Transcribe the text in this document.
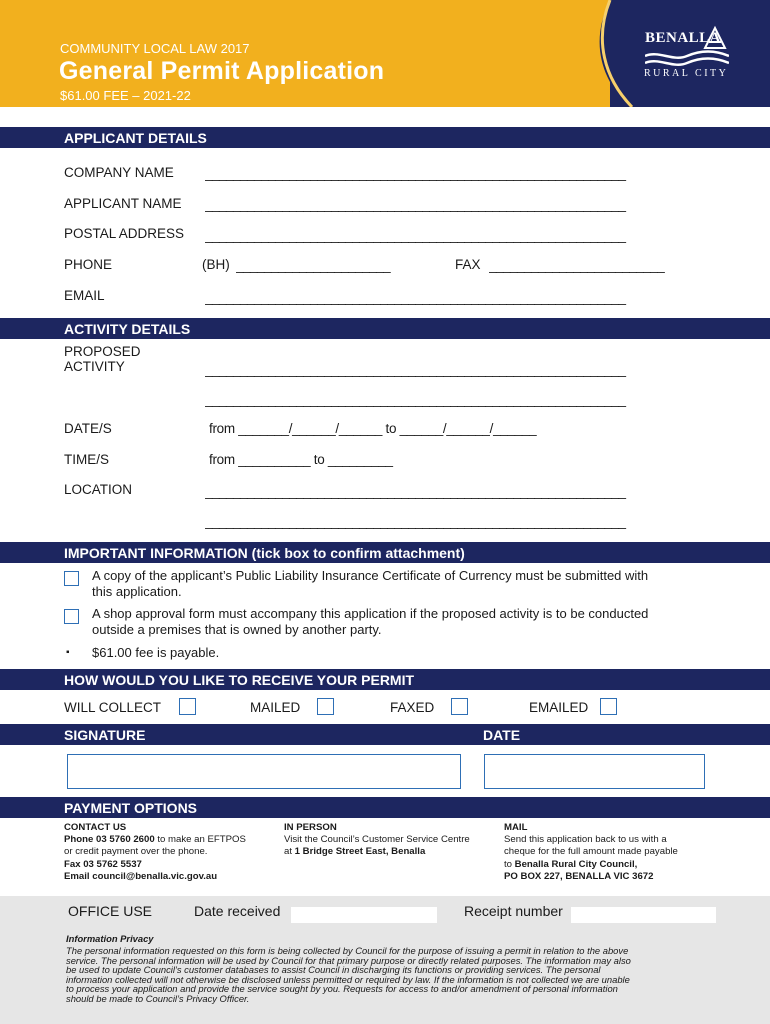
COMMUNITY LOCAL LAW 2017
General Permit Application
$61.00 FEE – 2021-22
BENALLA
RURAL CITY
APPLICANT DETAILS
COMPANY NAME ____________________________________________________________
APPLICANT NAME ____________________________________________________________
POSTAL ADDRESS ____________________________________________________________
PHONE	(BH) ______________________	FAX _________________________
EMAIL	____________________________________________________________
ACTIVITY DETAILS
PROPOSED
ACTIVITY	____________________________________________________________
____________________________________________________________
DATE/S	from _______/______/______ to ______/______/______
TIME/S	from __________ to _________
LOCATION	____________________________________________________________
____________________________________________________________
IMPORTANT INFORMATION (tick box to confirm attachment)
A copy of the applicant’s Public Liability Insurance Certificate of Currency must be submitted with
this application.
A shop approval form must accompany this application if the proposed activity is to be conducted
outside a premises that is owned by another party.
▪ $61.00 fee is payable.
HOW WOULD YOU LIKE TO RECEIVE YOUR PERMIT
WILL COLLECT	MAILED	FAXED	EMAILED
SIGNATURE	DATE
PAYMENT OPTIONS
CONTACT US
Phone 03 5760 2600 to make an EFTPOS
or credit payment over the phone.
Fax 03 5762 5537
Email council@benalla.vic.gov.au
IN PERSON
Visit the Council’s Customer Service Centre
at 1 Bridge Street East, Benalla
MAIL
Send this application back to us with a
cheque for the full amount made payable
to Benalla Rural City Council,
PO BOX 227, BENALLA VIC 3672
OFFICE USE	Date received	Receipt number
Information Privacy
The personal information requested on this form is being collected by Council for the purpose of issuing a permit in relation to the above
service. The personal information will be used by Council for that primary purpose or directly related purposes. The information may also
be used to update Council’s customer databases to assist Council in discharging its functions or providing services. The personal
information collected will not otherwise be disclosed unless permitted or required by law. If the information is not collected we are unable
to process your application and provide the service sought by you. Requests for access to and/or amendment of personal information
should be made to Council’s Privacy Officer.
